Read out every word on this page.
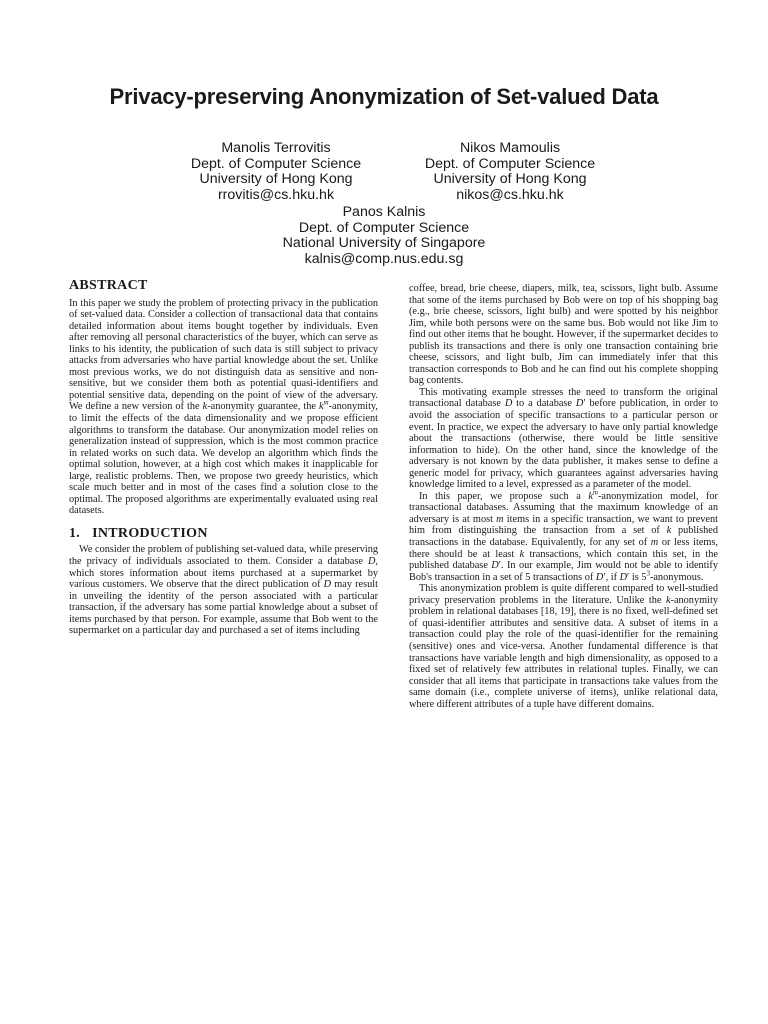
Privacy-preserving Anonymization of Set-valued Data
Manolis Terrovitis
Dept. of Computer Science
University of Hong Kong
rrovitis@cs.hku.hk
Nikos Mamoulis
Dept. of Computer Science
University of Hong Kong
nikos@cs.hku.hk
Panos Kalnis
Dept. of Computer Science
National University of Singapore
kalnis@comp.nus.edu.sg
ABSTRACT

In this paper we study the problem of protecting privacy in the publication of set-valued data. Consider a collection of transactional data that contains detailed information about items bought together by individuals. Even after removing all personal characteristics of the buyer, which can serve as links to his identity, the publication of such data is still subject to privacy attacks from adversaries who have partial knowledge about the set. Unlike most previous works, we do not distinguish data as sensitive and non-sensitive, but we consider them both as potential quasi-identifiers and potential sensitive data, depending on the point of view of the adversary. We define a new version of the k-anonymity guarantee, the $k^m$-anonymity, to limit the effects of the data dimensionality and we propose efficient algorithms to transform the database. Our anonymization model relies on generalization instead of suppression, which is the most common practice in related works on such data. We develop an algorithm which finds the optimal solution, however, at a high cost which makes it inapplicable for large, realistic problems. Then, we propose two greedy heuristics, which scale much better and in most of the cases find a solution close to the optimal. The proposed algorithms are experimentally evaluated using real datasets.

1. INTRODUCTION

We consider the problem of publishing set-valued data, while preserving the privacy of individuals associated to them. Consider a database D, which stores information about items purchased at a supermarket by various customers. We observe that the direct publication of D may result in unveiling the identity of the person associated with a particular transaction, if the adversary has some partial knowledge about a subset of items purchased by that person. For example, assume that Bob went to the supermarket on a particular day and purchased a set of items including

coffee, bread, brie cheese, diapers, milk, tea, scissors, light bulb. Assume that some of the items purchased by Bob were on top of his shopping bag (e.g., brie cheese, scissors, light bulb) and were spotted by his neighbor Jim, while both persons were on the same bus. Bob would not like Jim to find out other items that he bought. However, if the supermarket decides to publish its transactions and there is only one transaction containing brie cheese, scissors, and light bulb, Jim can immediately infer that this transaction corresponds to Bob and he can find out his complete shopping bag contents.

This motivating example stresses the need to transform the original transactional database D to a database D′ before publication, in order to avoid the association of specific transactions to a particular person or event. In practice, we expect the adversary to have only partial knowledge about the transactions (otherwise, there would be little sensitive information to hide). On the other hand, since the knowledge of the adversary is not known by the data publisher, it makes sense to define a generic model for privacy, which guarantees against adversaries having knowledge limited to a level, expressed as a parameter of the model.

In this paper, we propose such a $k^m$-anonymization model, for transactional databases. Assuming that the maximum knowledge of an adversary is at most m items in a specific transaction, we want to prevent him from distinguishing the transaction from a set of k published transactions in the database. Equivalently, for any set of m or less items, there should be at least k transactions, which contain this set, in the published database D′. In our example, Jim would not be able to identify Bob's transaction in a set of 5 transactions of D′, if D′ is $5^3$-anonymous.

This anonymization problem is quite different compared to well-studied privacy preservation problems in the literature. Unlike the k-anonymity problem in relational databases [18, 19], there is no fixed, well-defined set of quasi-identifier attributes and sensitive data. A subset of items in a transaction could play the role of the quasi-identifier for the remaining (sensitive) ones and vice-versa. Another fundamental difference is that transactions have variable length and high dimensionality, as opposed to a fixed set of relatively few attributes in relational tuples. Finally, we can consider that all items that participate in transactions take values from the same domain (i.e., complete universe of items), unlike relational data, where different attributes of a tuple have different domains.
